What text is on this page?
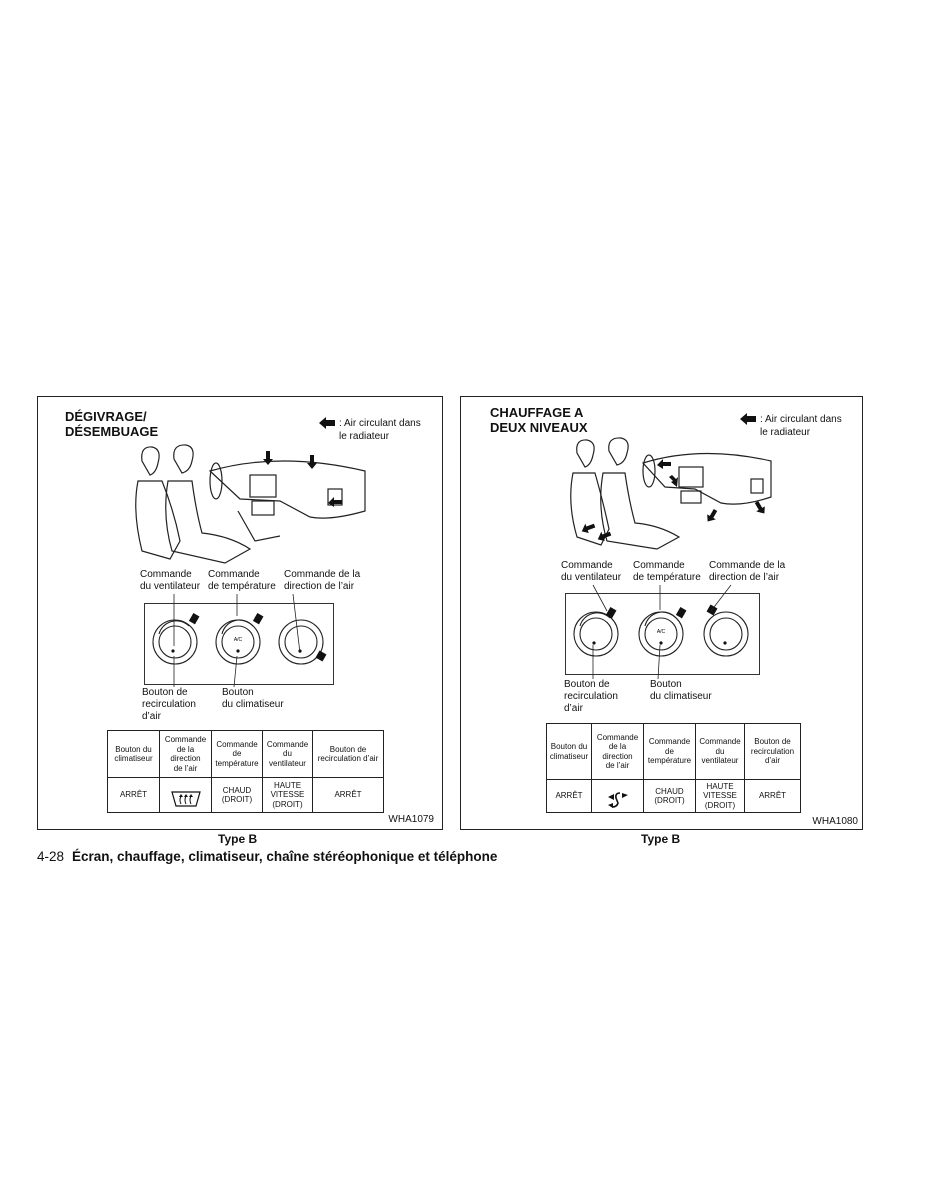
DÉGIVRAGE/
DÉSEMBUAGE
: Air circulant dans
le radiateur
Commande
du ventilateur
Commande
de température
Commande de la
direction de l’air
A/C
Bouton de
recirculation
d’air
Bouton
du climatiseur
Bouton du
climatiseur	Commande
de la
direction
de l’air	Commande
de
température	Commande
du
ventilateur	Bouton de
recirculation d’air
ARRÊT		CHAUD
(DROIT)	HAUTE
VITESSE
(DROIT)	ARRÊT
WHA1079
Type B
CHAUFFAGE A
DEUX NIVEAUX
: Air circulant dans
le radiateur
Commande
du ventilateur
Commande
de température
Commande de la
direction de l’air
A/C
Bouton de
recirculation
d’air
Bouton
du climatiseur
Bouton du
climatiseur	Commande
de la
direction
de l’air	Commande
de
température	Commande
du
ventilateur	Bouton de
recirculation
d’air
ARRÊT		CHAUD
(DROIT)	HAUTE
VITESSE
(DROIT)	ARRÊT
WHA1080
Type B
4-28 Écran, chauffage, climatiseur, chaîne stéréophonique et téléphone
